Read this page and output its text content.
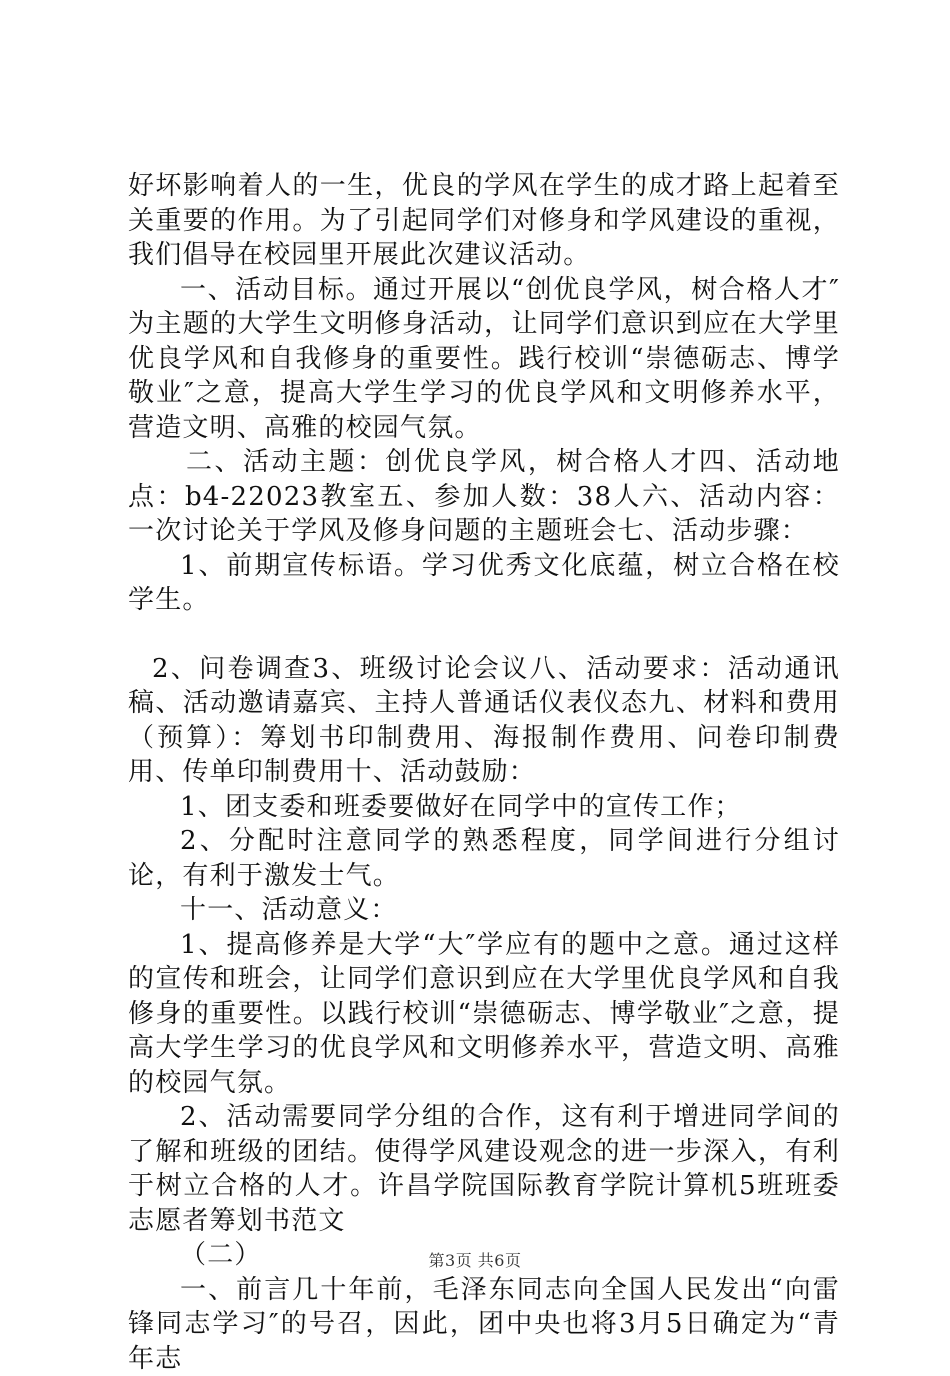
好坏影响着人的一生，优良的学风在学生的成才路上起着至关重要的作用。为了引起同学们对修身和学风建设的重视，我们倡导在校园里开展此次建议活动。

一、活动目标。通过开展以“创优良学风，树合格人才″为主题的大学生文明修身活动，让同学们意识到应在大学里优良学风和自我修身的重要性。践行校训“崇德砺志、博学敬业″之意，提高大学生学习的优良学风和文明修养水平，营造文明、高雅的校园气氛。

二、活动主题：创优良学风，树合格人才四、活动地点：b4-22023教室五、参加人数：38人六、活动内容：一次讨论关于学风及修身问题的主题班会七、活动步骤：

1、前期宣传标语。学习优秀文化底蕴，树立合格在校学生。

2、问卷调查3、班级讨论会议八、活动要求：活动通讯稿、活动邀请嘉宾、主持人普通话仪表仪态九、材料和费用（预算）：筹划书印制费用、海报制作费用、问卷印制费用、传单印制费用十、活动鼓励：

1、团支委和班委要做好在同学中的宣传工作；

2、分配时注意同学的熟悉程度，同学间进行分组讨论，有利于激发士气。

十一、活动意义：

1、提高修养是大学“大″学应有的题中之意。通过这样的宣传和班会，让同学们意识到应在大学里优良学风和自我修身的重要性。以践行校训“崇德砺志、博学敬业″之意，提高大学生学习的优良学风和文明修养水平，营造文明、高雅的校园气氛。

2、活动需要同学分组的合作，这有利于增进同学间的了解和班级的团结。使得学风建设观念的进一步深入，有利于树立合格的人才。许昌学院国际教育学院计算机5班班委志愿者筹划书范文

（二）

一、前言几十年前，毛泽东同志向全国人民发出“向雷锋同志学习″的号召，因此，团中央也将3月5日确定为“青年志

第3页 共6页
